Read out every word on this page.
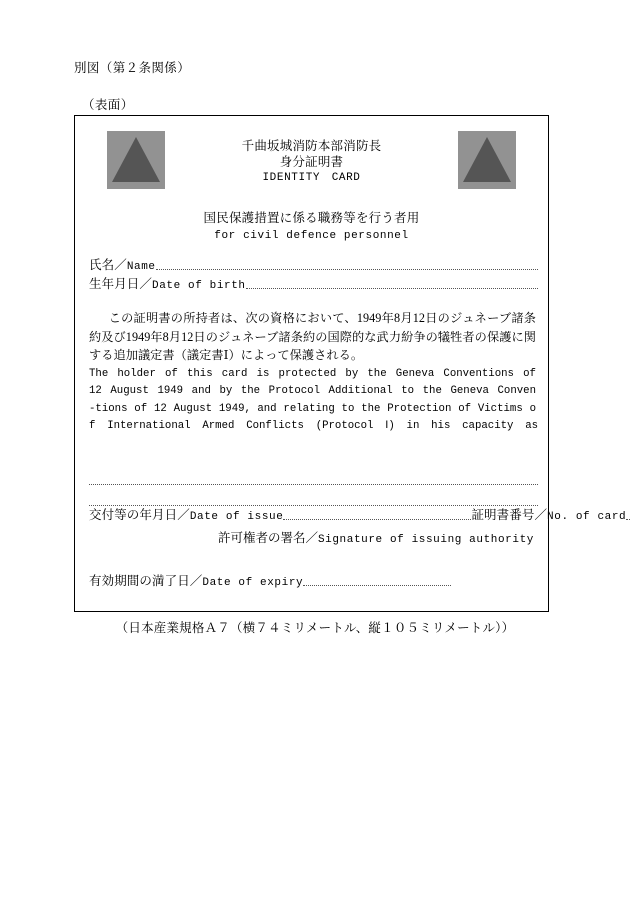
別図（第２条関係）
（表面）
千曲坂城消防本部消防長
身分証明書
IDENTITY　CARD
国民保護措置に係る職務等を行う者用
for civil defence personnel
氏名／Name
生年月日／Date of birth
この証明書の所持者は、次の資格において、1949年8月12日のジュネーブ諸条約及び1949年8月12日のジュネーブ諸条約の国際的な武力紛争の犠牲者の保護に関する追加議定書（議定書Ⅰ）によって保護される。
The holder of this card is protected by the Geneva Conventions of
12 August 1949 and by the Protocol Additional to the Geneva Conven
-tions of 12 August 1949, and relating to the Protection of Victims o
f International Armed Conflicts (Protocol Ⅰ) in his capacity as
交付等の年月日／Date of issue	証明書番号／No. of card
許可権者の署名／Signature of issuing authority
有効期間の満了日／Date of expiry
（日本産業規格Ａ７（横７４ミリメートル、縦１０５ミリメートル））
